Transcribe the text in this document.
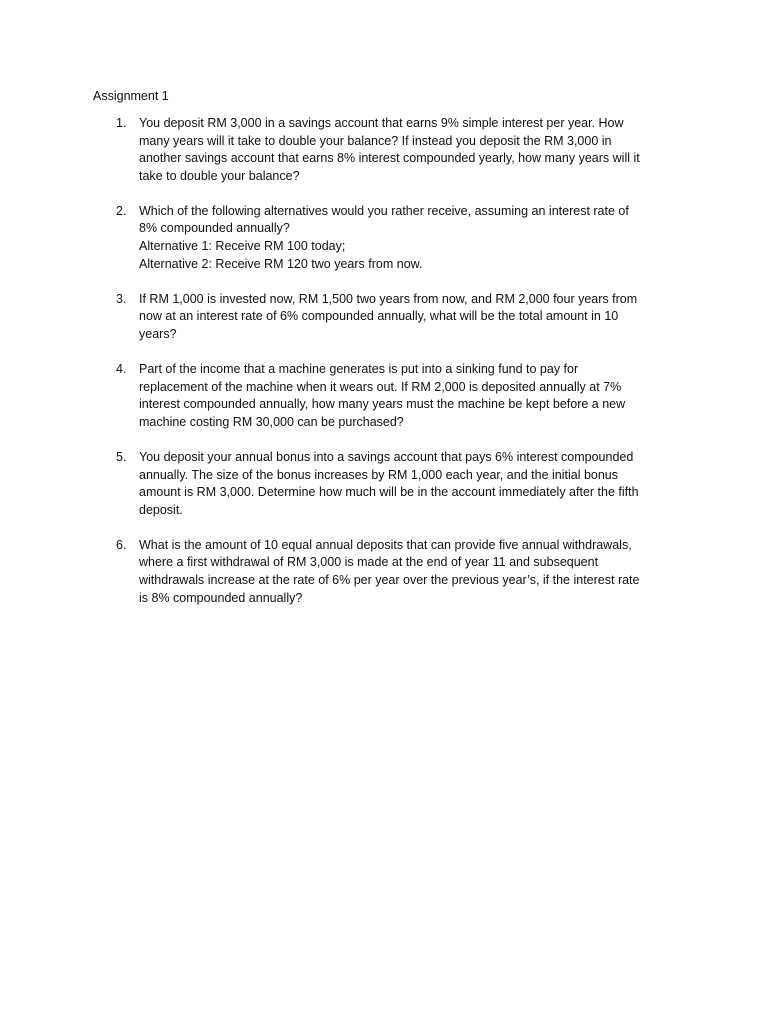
Assignment 1
1. You deposit RM 3,000 in a savings account that earns 9% simple interest per year. How
many years will it take to double your balance? If instead you deposit the RM 3,000 in
another savings account that earns 8% interest compounded yearly, how many years will it
take to double your balance?
2. Which of the following alternatives would you rather receive, assuming an interest rate of
8% compounded annually?
Alternative 1: Receive RM 100 today;
Alternative 2: Receive RM 120 two years from now.
3. If RM 1,000 is invested now, RM 1,500 two years from now, and RM 2,000 four years from
now at an interest rate of 6% compounded annually, what will be the total amount in 10
years?
4. Part of the income that a machine generates is put into a sinking fund to pay for
replacement of the machine when it wears out. If RM 2,000 is deposited annually at 7%
interest compounded annually, how many years must the machine be kept before a new
machine costing RM 30,000 can be purchased?
5. You deposit your annual bonus into a savings account that pays 6% interest compounded
annually. The size of the bonus increases by RM 1,000 each year, and the initial bonus
amount is RM 3,000. Determine how much will be in the account immediately after the fifth
deposit.
6. What is the amount of 10 equal annual deposits that can provide five annual withdrawals,
where a first withdrawal of RM 3,000 is made at the end of year 11 and subsequent
withdrawals increase at the rate of 6% per year over the previous year’s, if the interest rate
is 8% compounded annually?
